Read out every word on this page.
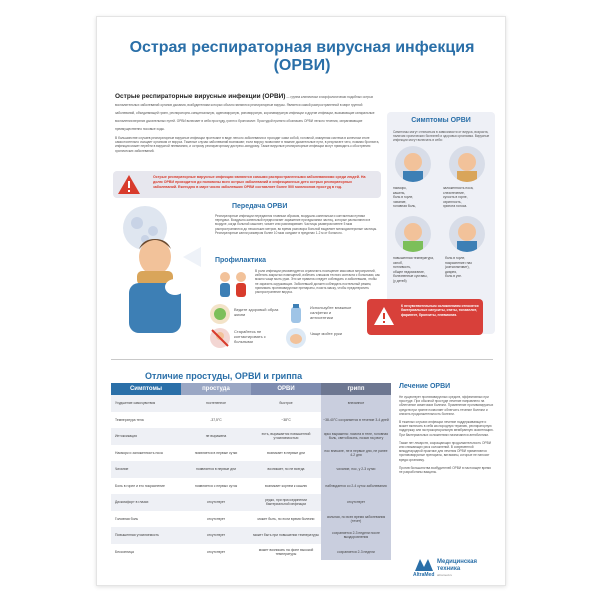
Острая респираторная вирусная инфекция
(ОРВИ)

Острые респираторные вирусные инфекции (ОРВИ) — группа клинически и морфологически подобных острых воспалительных заболеваний органов дыхания, возбудителями которых обычно являются респираторные вирусы. Является самой распространенной в мире группой заболеваний, объединяющей грипп, респираторно-синцитиальную, аденовирусную, риновирусную, коронавирусную инфекции и другие инфекции, вызывающие катаральные воспаления верхних дыхательных путей. ОРВИ включает в себя простуду, грипп и бронхиолит. Простудой принято обозначать ОРВИ легкого течения, затрагивающие преимущественно носовые ходы.

В большинстве случаев респираторные вирусные инфекции протекают в виде легкого заболевания и проходят сами собой, головной, иммунная система в конечном итоге самостоятельно очищает организм от вируса. Тяжелые случаи заболеваний возникают, если вирусу позволяют в нижние дыхательные пути, в результате чего, помимо бронхита, инфекция может перейти в вирусной пневмонию, и острому респираторному дистресс-синдрому. Также вирусные респираторные инфекции могут приводить к обострению хронических заболеваний.

Острые респираторные вирусные инфекции являются самыми распространенными заболеваниями среди людей. На долю ОРВИ приходится до половины всех острых заболеваний и инфекционных дето острых респираторных заболеваний. Ежегодно в мире число заболевших ОРВИ составляет более 500 миллионов простуд в год.
Передача ОРВИ
Респираторные инфекции передаются главным образом, воздушно-капельным и контактным путями передачи. Воздушно-капельный предполагает заражение при вдыхании частиц, которые распыляются в воздухе, когда больной кашляет, чихает или разговаривает. Частицы размером менее 5 мкм распространяются до нескольких метров, во время разговора больной выделяет мелкодисперсные частицы. Респираторные капли размером более 10 мкм оседают в пределах 1-2 м от больного.
Профилактика
В роли инфекции рекомендуется ограничить посещение массовых мероприятий, избегать закрытых помещений, избегать слишком тесного контакта с больными, как можно чаще мыть руки. Эти же правила следует соблюдать и заболевшим, чтобы не заразить окружающих. Заболевший должен соблюдать постельный режим, принимать противовирусные препараты, носить маску, чтобы предотвратить распространение вируса.
Ведите здоровый образ жизни
Используйте влажные салфетки и антисептики
Старайтесь не контактировать с больными
Чаще мойте руки
Симптомы ОРВИ
Симптомы могут отличаться в зависимости от вируса, возраста, наличия хронических болезней и здоровья организма. Вирусные инфекции могут включать в себя:
насморк,
кашель,
боль в горле,
чихание,
головная боль,
заложенность носа,
слезотечение,
сухость в горле,
охриплость,
хрипота голоса.
повышенная температура,
озноб,
потливость,
общее недомогание,
болезненные суставы,
(у детей)
боль в горле,
покраснение глаз (конъюнктивит),
диарея,
боль в ухе.
К нечувствительным осложнениям относятся бактериальные синуситы, отиты, тонзиллит, фарингит, бронхиты, пневмония.
Отличие простуды, ОРВИ и гриппа
Симптомы	простуда	ОРВИ	грипп
Ухудшение самочувствия	постепенное	быстрое	внезапное
Температура тела	-37,5°С	~38°С	~38-40°С сохраняется в течение 3-4 дней
Интоксикация	не выражена	есть, выражается повышенной утомляемостью	ярко выражена: ломота в теле, головная боль, светобоязнь, позыв на рвоту
Насморк и заложенность носа	появляется в первые сутки	возникает в первые дни	нос вначале, не в первые дни, не ранее 4-2 дня
Чихание	появляется в первые дни	возникает, но не всегда	чихание, нос, у 2-3 сутки
Боль в горле и его покраснение	появляется с первых суток	возникает корнем к кашлю	наблюдается со 2-4 суток заболевания
Дискомфорт в глазах	отсутствует	редко, при присоединении бактериальной инфекции	отсутствует
Головная боль	отсутствует	может быть, но если время болезни	сильная, по всех время заболевания (течет)
Повышенная утомляемость	отсутствует	может быть при повышении температуры	сохраняется 2-3 недели после выздоровления
Бессонница	отсутствует	может возникать на фоне высокой температуры	сохраняется 2-3 недели
Лечение ОРВИ

Не существует противовирусных средств, эффективных при простуде. При обычной простуде лечение направлено на облегчение симптомов болезни. Применение противовирусных средств при гриппе позволяет облегчить течение болезни и снизить продолжительность болезни.

В тяжелых случаях инфекции лечение поддерживающее и может включать в себя кислородную терапию, респираторную поддержку или экстракорпоральную мембранную оксигенацию. При бактериальных осложнениях назначаются антибиотики.

Также нет лекарств, сокращающих продолжительность ОРВИ или снижающих риск осложнений. В современной международной практике для лечения ОРВИ применяются противовирусные препараты, витамины, которые не наносят вреда организму.

Против большинства возбудителей ОРВИ в настоящее время не разработаны вакцины.

AltraMed
Медицинская
техника
altramed.ru
